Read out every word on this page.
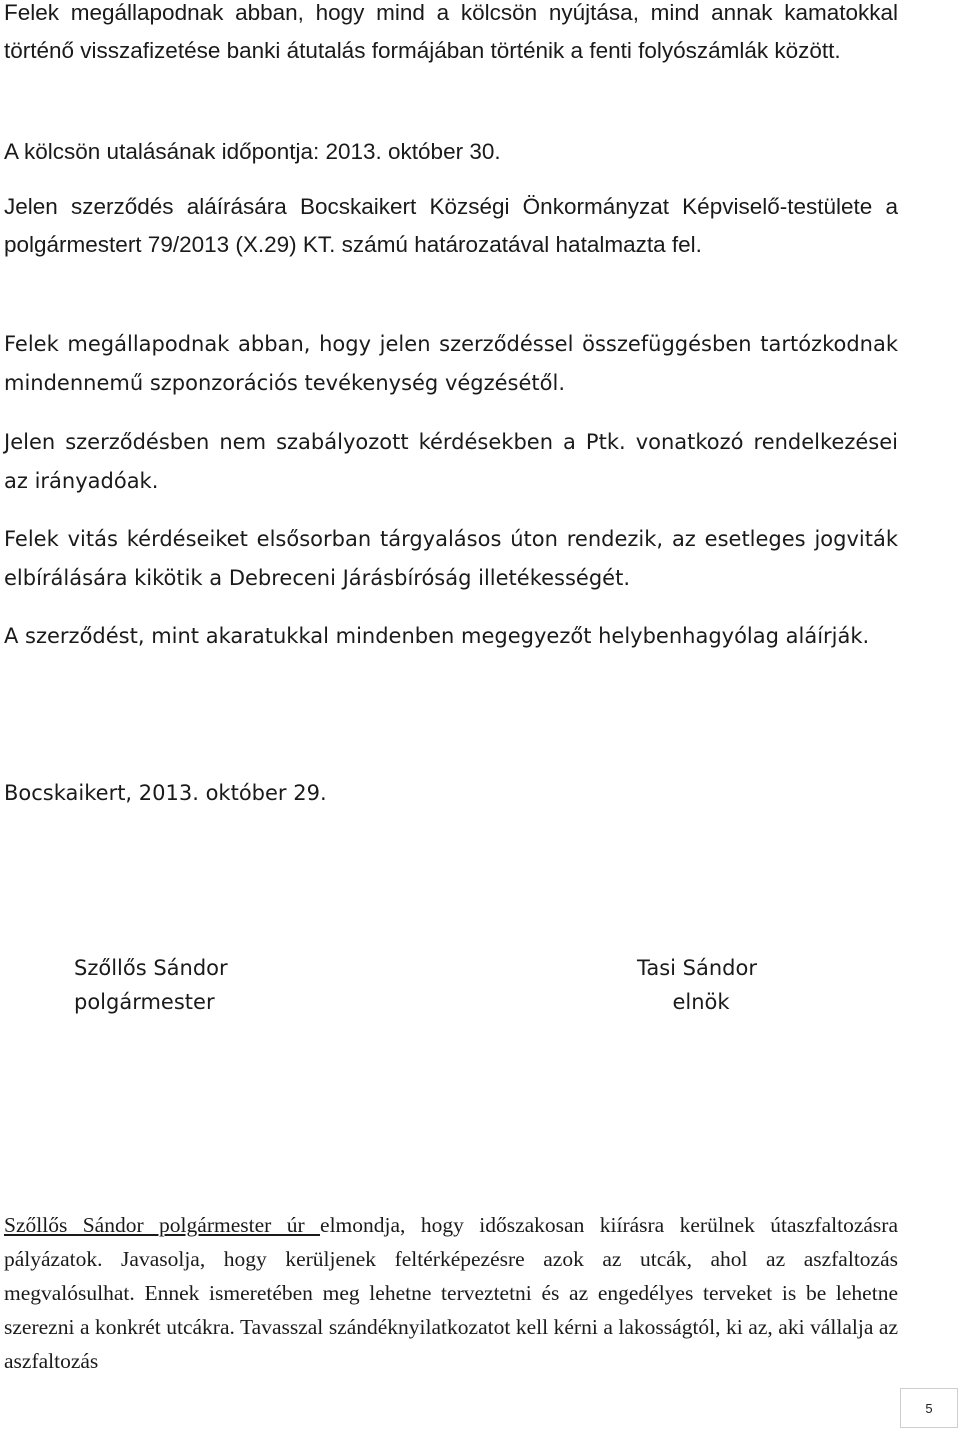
Felek megállapodnak abban, hogy mind a kölcsön nyújtása, mind annak kamatokkal történő visszafizetése banki átutalás formájában történik a fenti folyószámlák között.

A kölcsön utalásának időpontja: 2013. október 30.

Jelen szerződés aláírására Bocskaikert Községi Önkormányzat Képviselő-testülete a polgármestert 79/2013 (X.29) KT. számú határozatával hatalmazta fel.

Felek megállapodnak abban, hogy jelen szerződéssel összefüggésben tartózkodnak mindennemű szponzorációs tevékenység végzésétől.

Jelen szerződésben nem szabályozott kérdésekben a Ptk. vonatkozó rendelkezései az irányadóak.

Felek vitás kérdéseiket elsősorban tárgyalásos úton rendezik, az esetleges jogviták elbírálására kikötik a Debreceni Járásbíróság illetékességét.

A szerződést, mint akaratukkal mindenben megegyezőt helybenhagyólag aláírják.

Bocskaikert, 2013. október 29.

Szőllős Sándor

polgármester

Tasi Sándor

elnök

Szőllős Sándor polgármester úr elmondja, hogy időszakosan kiírásra kerülnek útaszfaltozásra pályázatok. Javasolja, hogy kerüljenek feltérképezésre azok az utcák, ahol az aszfaltozás megvalósulhat. Ennek ismeretében meg lehetne terveztetni és az engedélyes terveket is be lehetne szerezni a konkrét utcákra. Tavasszal szándéknyilatkozatot kell kérni a lakosságtól, ki az, aki vállalja az aszfaltozás

5
